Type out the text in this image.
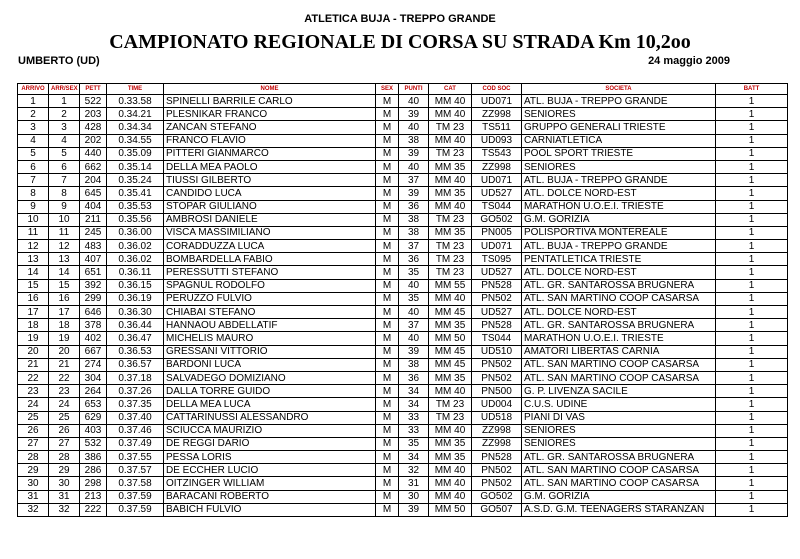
ATLETICA BUJA - TREPPO GRANDE
CAMPIONATO REGIONALE DI CORSA SU STRADA Km 10,2oo
UMBERTO (UD)	24 maggio 2009
ARRIVO	ARR/SEX	PETT	TIME	NOME	SEX	PUNTI	CAT	COD SOC	SOCIETA	BATT
1	1	522	0.33.58	SPINELLI BARRILE CARLO	M	40	MM 40	UD071	ATL. BUJA - TREPPO GRANDE	1
2	2	203	0.34.21	PLESNIKAR FRANCO	M	39	MM 40	ZZ998	SENIORES	1
3	3	428	0.34.34	ZANCAN STEFANO	M	40	TM 23	TS511	GRUPPO GENERALI TRIESTE	1
4	4	202	0.34.55	FRANCO FLAVIO	M	38	MM 40	UD093	CARNIATLETICA	1
5	5	440	0.35.09	PITTERI GIANMARCO	M	39	TM 23	TS543	POOL SPORT TRIESTE	1
6	6	662	0.35.14	DELLA MEA PAOLO	M	40	MM 35	ZZ998	SENIORES	1
7	7	204	0.35.24	TIUSSI GILBERTO	M	37	MM 40	UD071	ATL. BUJA - TREPPO GRANDE	1
8	8	645	0.35.41	CANDIDO LUCA	M	39	MM 35	UD527	ATL. DOLCE NORD-EST	1
9	9	404	0.35.53	STOPAR GIULIANO	M	36	MM 40	TS044	MARATHON U.O.E.I. TRIESTE	1
10	10	211	0.35.56	AMBROSI DANIELE	M	38	TM 23	GO502	G.M. GORIZIA	1
11	11	245	0.36.00	VISCA MASSIMILIANO	M	38	MM 35	PN005	POLISPORTIVA MONTEREALE	1
12	12	483	0.36.02	CORADDUZZA LUCA	M	37	TM 23	UD071	ATL. BUJA - TREPPO GRANDE	1
13	13	407	0.36.02	BOMBARDELLA FABIO	M	36	TM 23	TS095	PENTATLETICA TRIESTE	1
14	14	651	0.36.11	PERESSUTTI STEFANO	M	35	TM 23	UD527	ATL. DOLCE NORD-EST	1
15	15	392	0.36.15	SPAGNUL RODOLFO	M	40	MM 55	PN528	ATL. GR. SANTAROSSA BRUGNERA	1
16	16	299	0.36.19	PERUZZO FULVIO	M	35	MM 40	PN502	ATL. SAN MARTINO COOP CASARSA	1
17	17	646	0.36.30	CHIABAI STEFANO	M	40	MM 45	UD527	ATL. DOLCE NORD-EST	1
18	18	378	0.36.44	HANNAOU ABDELLATIF	M	37	MM 35	PN528	ATL. GR. SANTAROSSA BRUGNERA	1
19	19	402	0.36.47	MICHELIS MAURO	M	40	MM 50	TS044	MARATHON U.O.E.I. TRIESTE	1
20	20	667	0.36.53	GRESSANI VITTORIO	M	39	MM 45	UD510	AMATORI LIBERTAS CARNIA	1
21	21	274	0.36.57	BARDONI LUCA	M	38	MM 45	PN502	ATL. SAN MARTINO COOP CASARSA	1
22	22	304	0.37.18	SALVADEGO DOMIZIANO	M	36	MM 35	PN502	ATL. SAN MARTINO COOP CASARSA	1
23	23	264	0.37.26	DALLA TORRE GUIDO	M	34	MM 40	PN500	G. P. LIVENZA SACILE	1
24	24	653	0.37.35	DELLA MEA LUCA	M	34	TM 23	UD004	C.U.S. UDINE	1
25	25	629	0.37.40	CATTARINUSSI ALESSANDRO	M	33	TM 23	UD518	PIANI DI VAS	1
26	26	403	0.37.46	SCIUCCA MAURIZIO	M	33	MM 40	ZZ998	SENIORES	1
27	27	532	0.37.49	DE REGGI DARIO	M	35	MM 35	ZZ998	SENIORES	1
28	28	386	0.37.55	PESSA LORIS	M	34	MM 35	PN528	ATL. GR. SANTAROSSA BRUGNERA	1
29	29	286	0.37.57	DE ECCHER LUCIO	M	32	MM 40	PN502	ATL. SAN MARTINO COOP CASARSA	1
30	30	298	0.37.58	OITZINGER WILLIAM	M	31	MM 40	PN502	ATL. SAN MARTINO COOP CASARSA	1
31	31	213	0.37.59	BARACANI ROBERTO	M	30	MM 40	GO502	G.M. GORIZIA	1
32	32	222	0.37.59	BABICH FULVIO	M	39	MM 50	GO507	A.S.D. G.M. TEENAGERS STARANZAN	1
